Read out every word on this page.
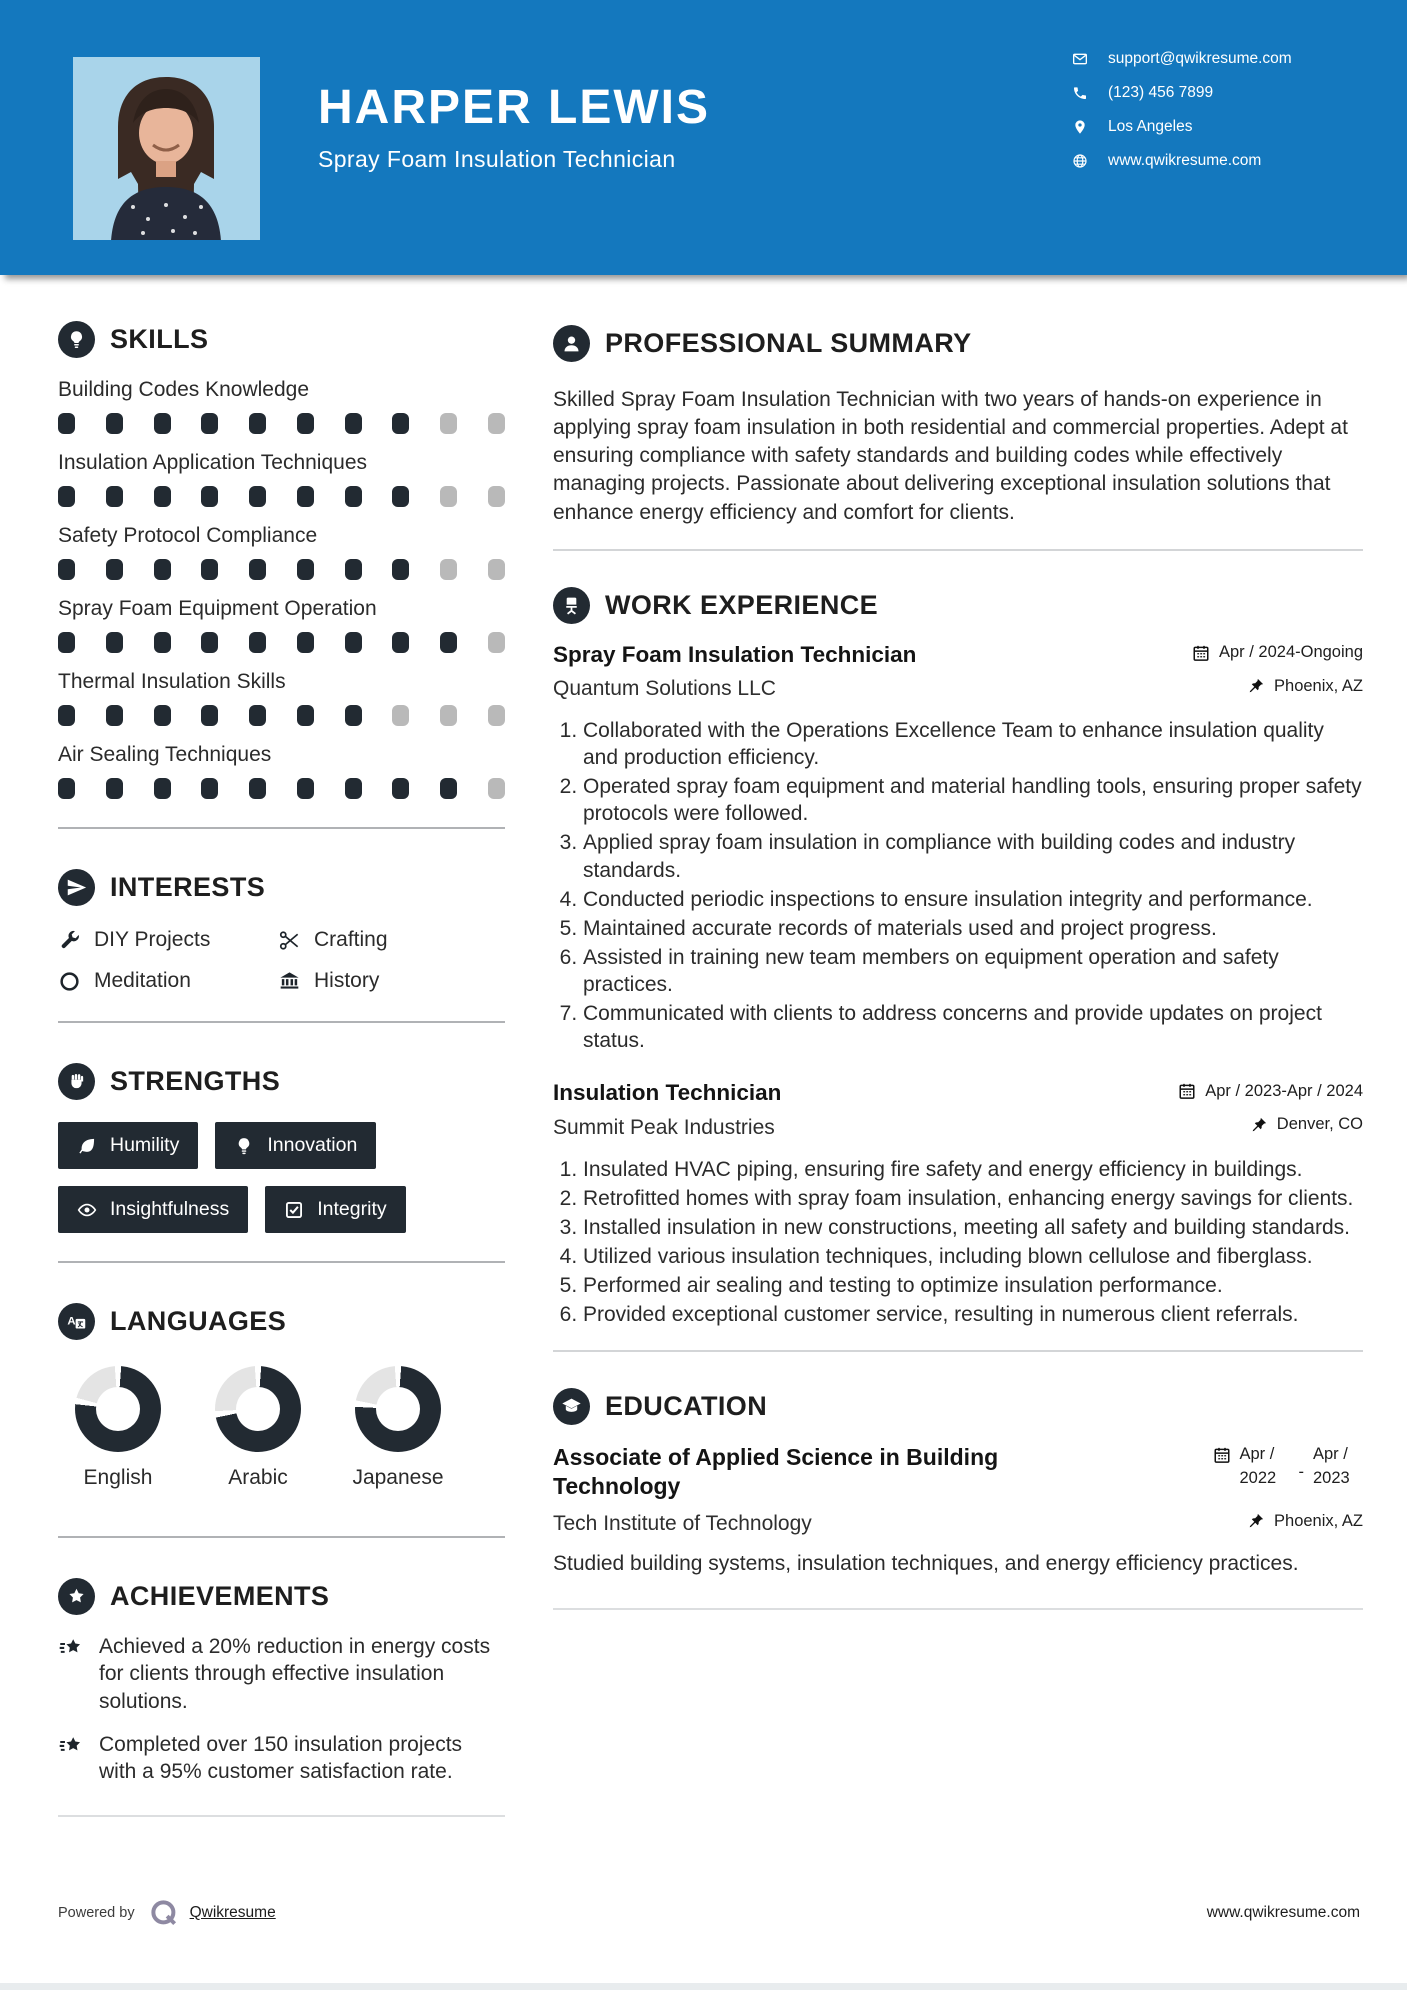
HARPER LEWIS
Spray Foam Insulation Technician
support@qwikresume.com
(123) 456 7899
Los Angeles
www.qwikresume.com
SKILLS
Building Codes Knowledge
Insulation Application Techniques
Safety Protocol Compliance
Spray Foam Equipment Operation
Thermal Insulation Skills
Air Sealing Techniques
INTERESTS
DIY Projects	Crafting
Meditation	History
STRENGTHS
Humility	Innovation
Insightfulness	Integrity
LANGUAGES
English	Arabic	Japanese
ACHIEVEMENTS
Achieved a 20% reduction in energy costs for clients through effective insulation solutions.
Completed over 150 insulation projects with a 95% customer satisfaction rate.
PROFESSIONAL SUMMARY

Skilled Spray Foam Insulation Technician with two years of hands-on experience in applying spray foam insulation in both residential and commercial properties. Adept at ensuring compliance with safety standards and building codes while effectively managing projects. Passionate about delivering exceptional insulation solutions that enhance energy efficiency and comfort for clients.

WORK EXPERIENCE
Spray Foam Insulation Technician	Apr / 2024-Ongoing
Quantum Solutions LLC	Phoenix, AZ
1. Collaborated with the Operations Excellence Team to enhance insulation quality and production efficiency.
2. Operated spray foam equipment and material handling tools, ensuring proper safety protocols were followed.
3. Applied spray foam insulation in compliance with building codes and industry standards.
4. Conducted periodic inspections to ensure insulation integrity and performance.
5. Maintained accurate records of materials used and project progress.
6. Assisted in training new team members on equipment operation and safety practices.
7. Communicated with clients to address concerns and provide updates on project status.
Insulation Technician	Apr / 2023-Apr / 2024
Summit Peak Industries	Denver, CO
1. Insulated HVAC piping, ensuring fire safety and energy efficiency in buildings.
2. Retrofitted homes with spray foam insulation, enhancing energy savings for clients.
3. Installed insulation in new constructions, meeting all safety and building standards.
4. Utilized various insulation techniques, including blown cellulose and fiberglass.
5. Performed air sealing and testing to optimize insulation performance.
6. Provided exceptional customer service, resulting in numerous client referrals.
EDUCATION
Associate of Applied Science in Building Technology
Apr / 2022	-
Apr / 2023
Tech Institute of Technology	Phoenix, AZ

Studied building systems, insulation techniques, and energy efficiency practices.

Powered by	Qwikresume	www.qwikresume.com
